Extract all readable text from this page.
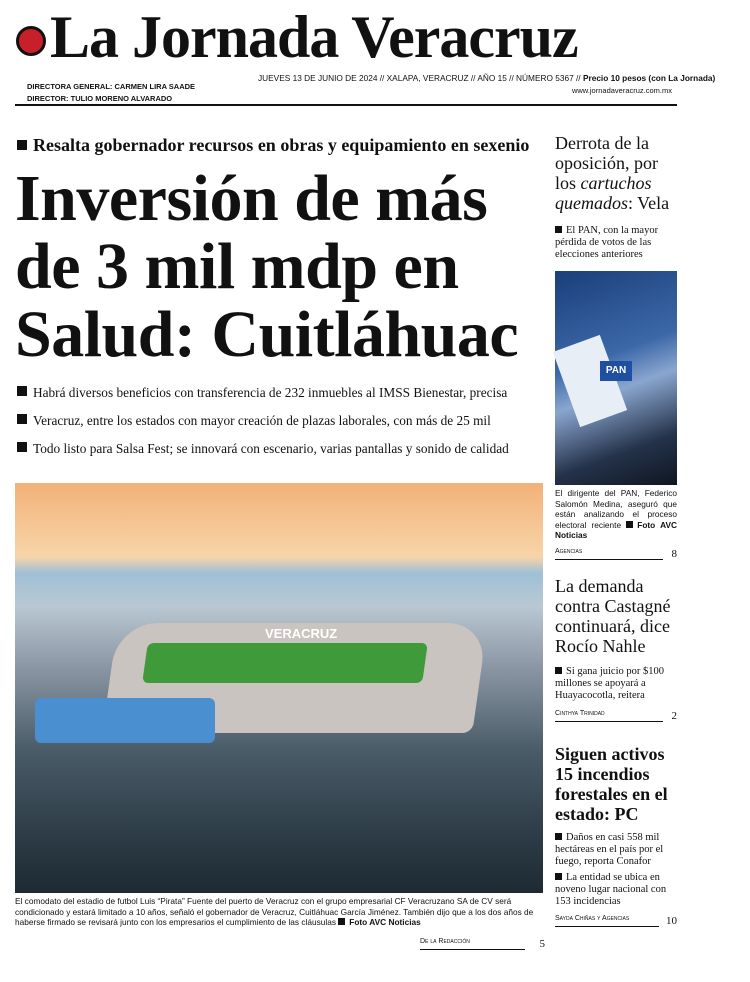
La Jornada Veracruz
DIRECTORA GENERAL: CARMEN LIRA SAADE
DIRECTOR: TULIO MORENO ALVARADO
JUEVES 13 DE JUNIO DE 2024 // XALAPA, VERACRUZ // AÑO 15 // NÚMERO 5367 // Precio 10 pesos (con La Jornada)
www.jornadaveracruz.com.mx
Resalta gobernador recursos en obras y equipamiento en sexenio
Inversión de más de 3 mil mdp en Salud: Cuitláhuac
Habrá diversos beneficios con transferencia de 232 inmuebles al IMSS Bienestar, precisa
Veracruz, entre los estados con mayor creación de plazas laborales, con más de 25 mil
Todo listo para Salsa Fest; se innovará con escenario, varias pantallas y sonido de calidad
VERACRUZ
El comodato del estadio de futbol Luis “Pirata” Fuente del puerto de Veracruz con el grupo empresarial CF Veracruzano SA de CV será condicionado y estará limitado a 10 años, señaló el gobernador de Veracruz, Cuitláhuac García Jiménez. También dijo que a los dos años de haberse firmado se revisará junto con los empresarios el cumplimiento de las cláusulas Foto AVC Noticias
De la Redacción	5
Derrota de la oposición, por los cartuchos quemados: Vela
El PAN, con la mayor pérdida de votos de las elecciones anteriores
PAN
El dirigente del PAN, Federico Salomón Medina, aseguró que están analizando el proceso electoral reciente Foto AVC Noticias
Agencias	8
La demanda contra Castagné continuará, dice Rocío Nahle
Si gana juicio por $100 millones se apoyará a Huayacocotla, reitera
Cinthya Trinidad	2
Siguen activos 15 incendios forestales en el estado: PC
Daños en casi 558 mil hectáreas en el país por el fuego, reporta Conafor
La entidad se ubica en noveno lugar nacional con 153 incidencias
Sayda Chiñas y Agencias	10
